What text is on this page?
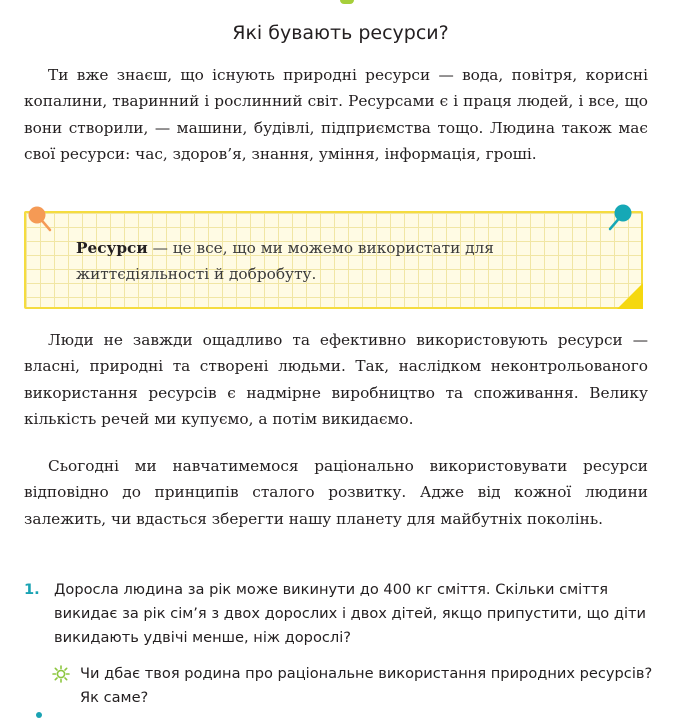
Які бувають ресурси?

Ти вже знаєш, що існують природні ресурси — вода, повітря, корисні копалини, тваринний і рослинний світ. Ресурсами є і праця людей, і все, що вони створили, — машини, будівлі, підприємства тощо. Людина також має свої ресурси: час, здоров’я, знання, уміння, інформація, гроші.

Ресурси — це все, що ми можемо використати для життєдіяльності й добробуту.

Люди не завжди ощадливо та ефективно використовують ресурси — власні, природні та створені людьми. Так, наслідком неконтрольованого використання ресурсів є надмірне виробництво та споживання. Велику кількість речей ми купуємо, а потім викидаємо.

Сьогодні ми навчатимемося раціонально використовувати ресурси відповідно до принципів сталого розвитку. Адже від кожної людини залежить, чи вдасться зберегти нашу планету для майбутніх поколінь.

1. Доросла людина за рік може викинути до 400 кг сміття. Скільки сміття викидає за рік сім’я з двох дорослих і двох дітей, якщо припустити, що діти викидають удвічі менше, ніж дорослі?

Чи дбає твоя родина про раціональне використання природних ресурсів? Як саме?
